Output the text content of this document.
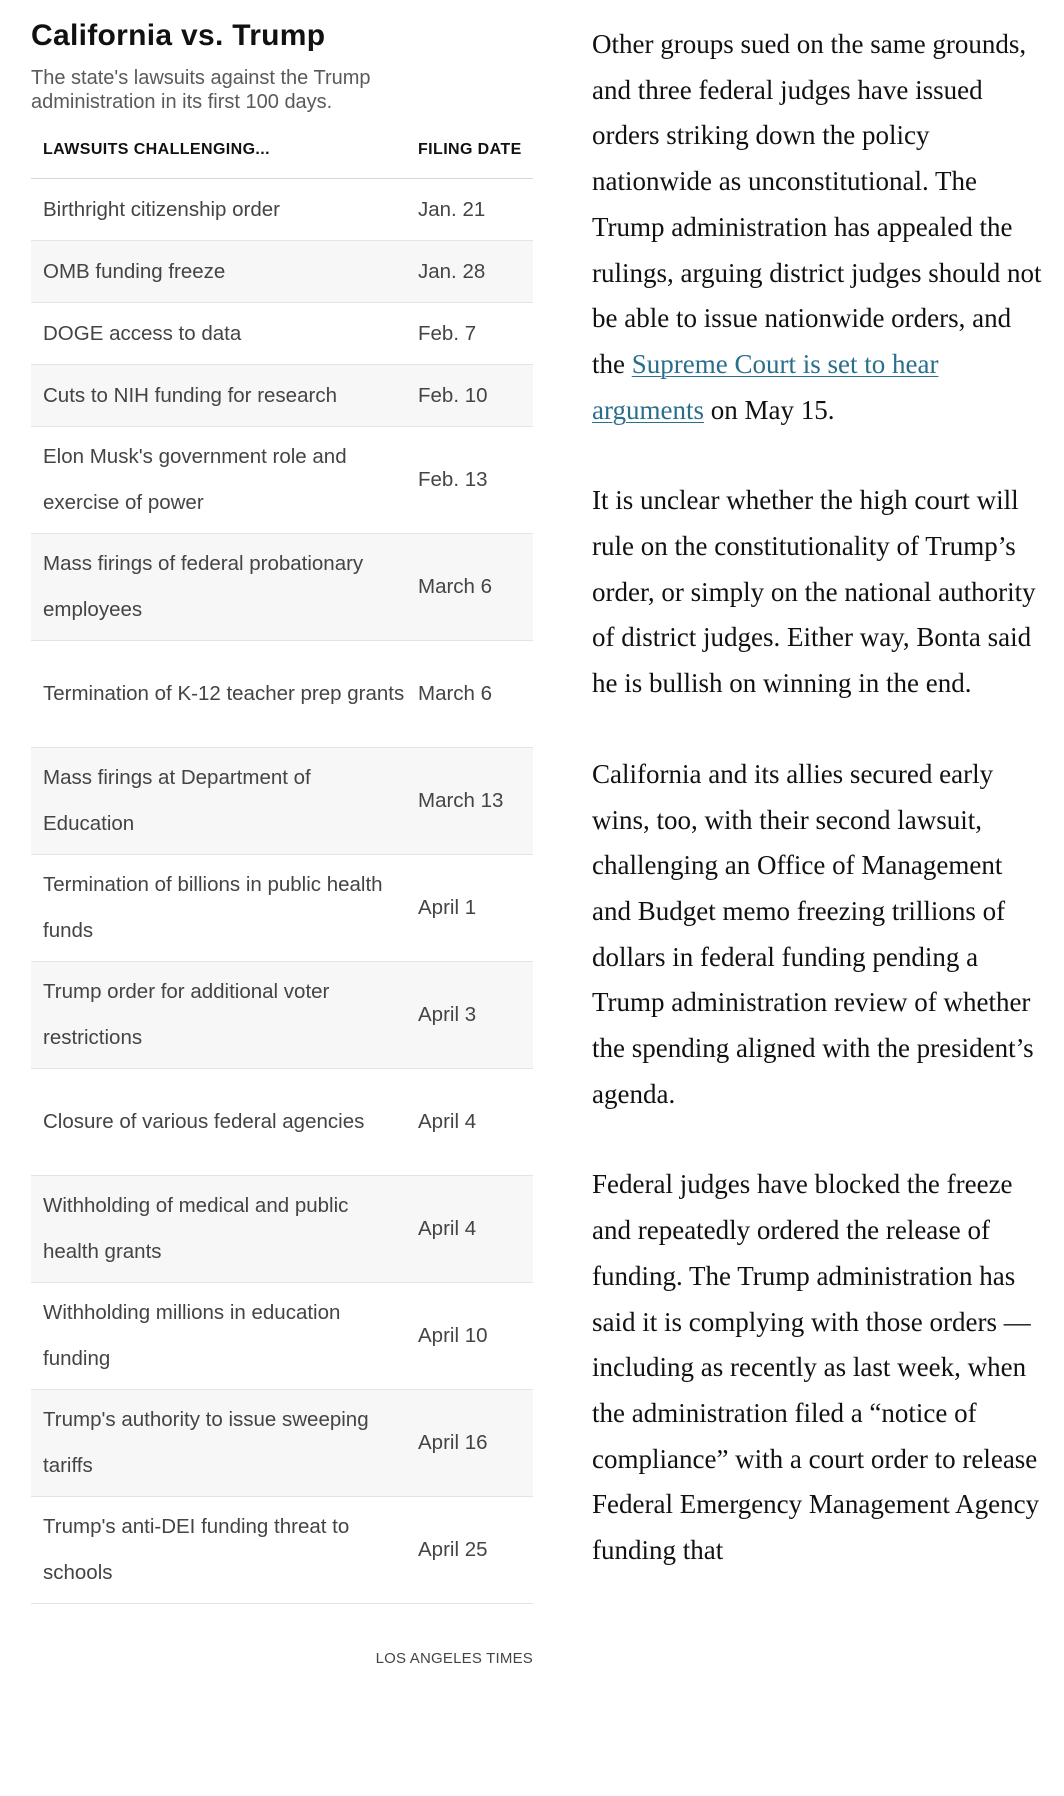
California vs. Trump

The state's lawsuits against the Trump administration in its first 100 days.

LAWSUITS CHALLENGING...	FILING DATE
Birthright citizenship order	Jan. 21
OMB funding freeze	Jan. 28
DOGE access to data	Feb. 7
Cuts to NIH funding for research	Feb. 10
Elon Musk's government role and exercise of power	Feb. 13
Mass firings of federal probationary employees	March 6
Termination of K-12 teacher prep grants	March 6
Mass firings at Department of Education	March 13
Termination of billions in public health funds	April 1
Trump order for additional voter restrictions	April 3
Closure of various federal agencies	April 4
Withholding of medical and public health grants	April 4
Withholding millions in education funding	April 10
Trump's authority to issue sweeping tariffs	April 16
Trump's anti-DEI funding threat to schools	April 25
LOS ANGELES TIMES

Other groups sued on the same grounds, and three federal judges have issued orders striking down the policy nationwide as unconstitutional. The Trump administration has appealed the rulings, arguing district judges should not be able to issue nationwide orders, and the Supreme Court is set to hear arguments on May 15.

It is unclear whether the high court will rule on the constitutionality of Trump’s order, or simply on the national authority of district judges. Either way, Bonta said he is bullish on winning in the end.

California and its allies secured early wins, too, with their second lawsuit, challenging an Office of Management and Budget memo freezing trillions of dollars in federal funding pending a Trump administration review of whether the spending aligned with the president’s agenda.

Federal judges have blocked the freeze and repeatedly ordered the release of funding. The Trump administration has said it is complying with those orders — including as recently as last week, when the administration filed a “notice of compliance” with a court order to release Federal Emergency Management Agency funding that
